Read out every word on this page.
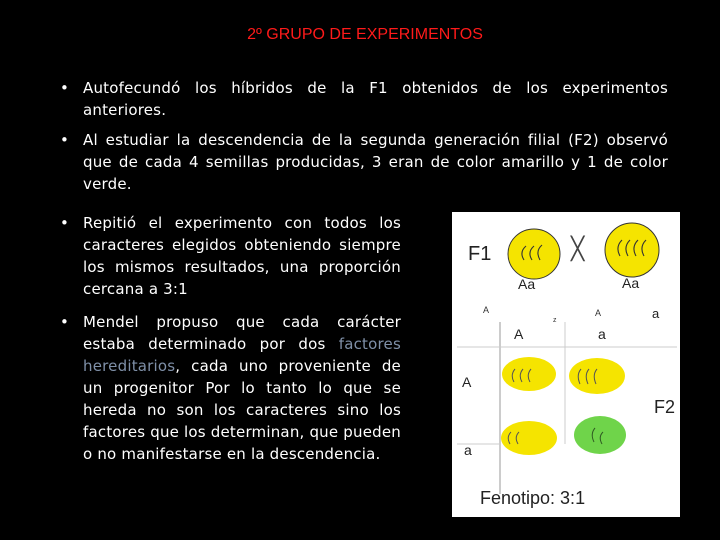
2º GRUPO DE EXPERIMENTOS
• Autofecundó los híbridos de la F1 obtenidos de los experimentos anteriores.
• Al estudiar la descendencia de la segunda generación filial (F2) observó que de cada 4 semillas producidas, 3 eran de color amarillo y 1 de color verde.
• Repitió el experimento con todos los caracteres elegidos obteniendo siempre los mismos resultados, una proporción cercana a 3:1
• Mendel propuso que cada carácter estaba determinado por dos factores hereditarios, cada uno proveniente de un progenitor Por lo tanto lo que se hereda no son los caracteres sino los factores que los determinan, que pueden o no manifestarse en la descendencia.
F1	╳
Aa	Aa
A
z
A	a
A	a
A
a
F2
Fenotipo: 3:1
